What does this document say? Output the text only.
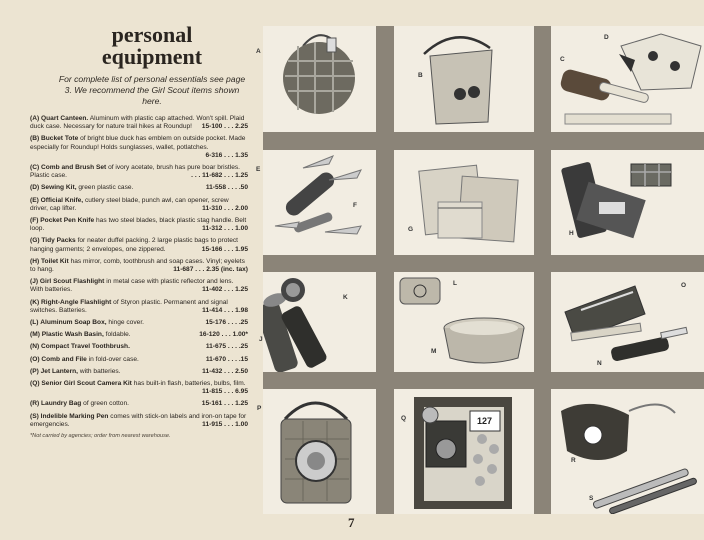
personal
equipment
For complete list of personal essentials see page 3. We recommend the Girl Scout items shown here.
(A) Quart Canteen. Aluminum with plastic cap attached. Won't spill. Plaid duck case. Necessary for nature trail hikes at Roundup! 15-100 . . . 2.25
(B) Bucket Tote of bright blue duck has emblem on outside pocket. Made especially for Roundup! Holds sunglasses, wallet, potlatches.
6-316 . . . 1.35
(C) Comb and Brush Set of ivory acetate, brush has pure boar bristles. Plastic case.	. . . 11-682 . . . 1.25
(D) Sewing Kit, green plastic case.	11-558 . . . .50
(E) Official Knife, cutlery steel blade, punch awl, can opener, screw driver, cap lifter.	11-310 . . . 2.00
(F) Pocket Pen Knife has two steel blades, black plastic stag handle. Belt loop.	11-312 . . . 1.00
(G) Tidy Packs for neater duffel packing. 2 large plastic bags to protect hanging garments; 2 envelopes, one zippered.	15-166 . . . 1.95
(H) Toilet Kit has mirror, comb, toothbrush and soap cases. Vinyl; eyelets to hang.	11-687 . . . 2.35 (inc. tax)
(J) Girl Scout Flashlight in metal case with plastic reflector and lens. With batteries.	11-402 . . . 1.25
(K) Right-Angle Flashlight of Styron plastic. Permanent and signal switches. Batteries.	11-414 . . . 1.98
(L) Aluminum Soap Box, hinge cover.	15-176 . . . .25
(M) Plastic Wash Basin, foldable.	16-120 . . . 1.00*
(N) Compact Travel Toothbrush.	11-675 . . . .25
(O) Comb and File in fold-over case.	11-670 . . . .15
(P) Jet Lantern, with batteries.	11-432 . . . 2.50
(Q) Senior Girl Scout Camera Kit has built-in flash, batteries, bulbs, film.
11-815 . . . 6.95
(R) Laundry Bag of green cotton.	15-161 . . . 1.25
(S) Indelible Marking Pen comes with stick-on labels and iron-on tape for emergencies.	11-915 . . . 1.00
*Not carried by agencies; order from nearest warehouse.
7
A
B
C
D
E
F
G
H
J
K
L
M
O
N
P
Q	127
R
S
